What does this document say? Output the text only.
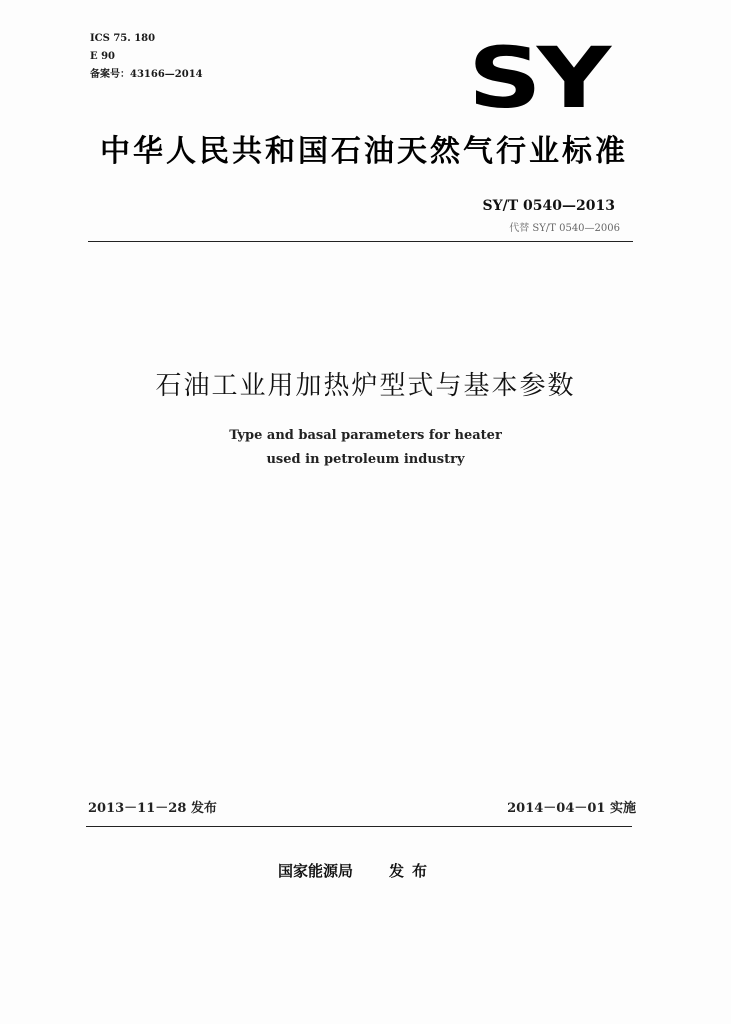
ICS 75. 180
E 90
备案号：43166—2014	SY
中华人民共和国石油天然气行业标准
SY/T 0540—2013
代替 SY/T 0540—2006
石油工业用加热炉型式与基本参数
Type and basal parameters for heater
used in petroleum industry
2013－11－28 发布	2014－04－01 实施
国家能源局 发布
